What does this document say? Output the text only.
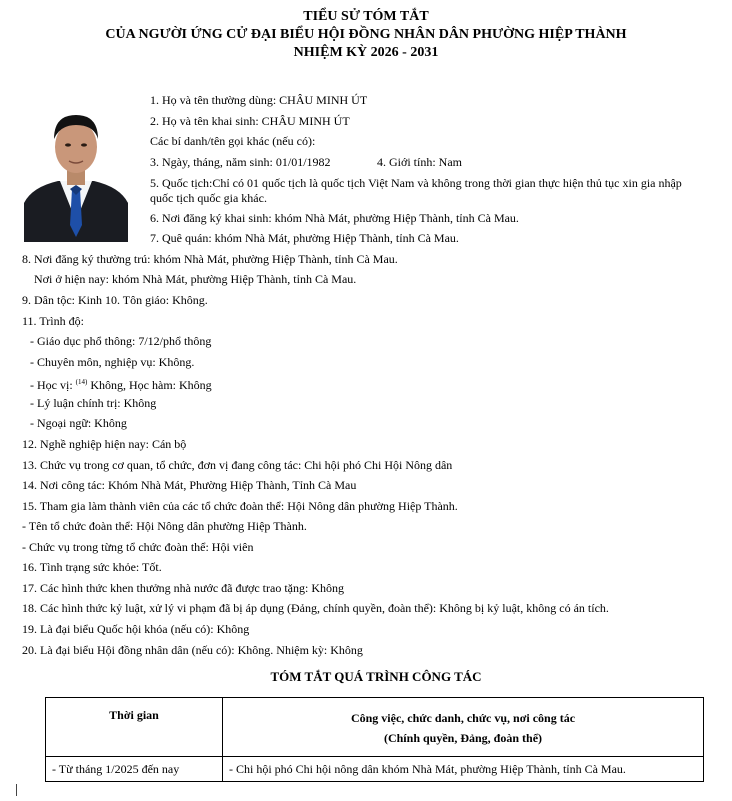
TIỂU SỬ TÓM TẮT
CỦA NGƯỜI ỨNG CỬ ĐẠI BIỂU HỘI ĐỒNG NHÂN DÂN PHƯỜNG HIỆP THÀNH
NHIỆM KỲ 2026 - 2031
1. Họ và tên thường dùng: CHÂU MINH ÚT
2. Họ và tên khai sinh: CHÂU MINH ÚT
Các bí danh/tên gọi khác (nếu có):
3. Ngày, tháng, năm sinh: 01/01/1982	4. Giới tính: Nam
5. Quốc tịch:Chỉ có 01 quốc tịch là quốc tịch Việt Nam và không trong thời gian thực hiện thủ tục xin gia nhập
quốc tịch quốc gia khác.
6. Nơi đăng ký khai sinh: khóm Nhà Mát, phường Hiệp Thành, tỉnh Cà Mau.
7. Quê quán: khóm Nhà Mát, phường Hiệp Thành, tỉnh Cà Mau.
8. Nơi đăng ký thường trú: khóm Nhà Mát, phường Hiệp Thành, tỉnh Cà Mau.
Nơi ở hiện nay: khóm Nhà Mát, phường Hiệp Thành, tỉnh Cà Mau.
9. Dân tộc: Kinh 10. Tôn giáo: Không.
11. Trình độ:
- Giáo dục phổ thông: 7/12/phổ thông
- Chuyên môn, nghiệp vụ: Không.
- Học vị: $^{(14)}$ Không, Học hàm: Không
- Lý luận chính trị: Không
- Ngoại ngữ: Không
12. Nghề nghiệp hiện nay: Cán bộ
13. Chức vụ trong cơ quan, tổ chức, đơn vị đang công tác: Chi hội phó Chi Hội Nông dân
14. Nơi công tác: Khóm Nhà Mát, Phường Hiệp Thành, Tỉnh Cà Mau
15. Tham gia làm thành viên của các tổ chức đoàn thể: Hội Nông dân phường Hiệp Thành.
- Tên tổ chức đoàn thể: Hội Nông dân phường Hiệp Thành.
- Chức vụ trong từng tổ chức đoàn thể: Hội viên
16. Tình trạng sức khỏe: Tốt.
17. Các hình thức khen thưởng nhà nước đã được trao tặng: Không
18. Các hình thức kỷ luật, xử lý vi phạm đã bị áp dụng (Đảng, chính quyền, đoàn thể): Không bị kỷ luật, không có án tích.
19. Là đại biểu Quốc hội khóa (nếu có): Không
20. Là đại biểu Hội đồng nhân dân (nếu có): Không. Nhiệm kỳ: Không
TÓM TẮT QUÁ TRÌNH CÔNG TÁC
Thời gian	Công việc, chức danh, chức vụ, nơi công tác
(Chính quyền, Đảng, đoàn thể)

- Từ tháng 1/2025 đến nay	- Chi hội phó Chi hội nông dân khóm Nhà Mát, phường Hiệp Thành, tỉnh Cà Mau.
